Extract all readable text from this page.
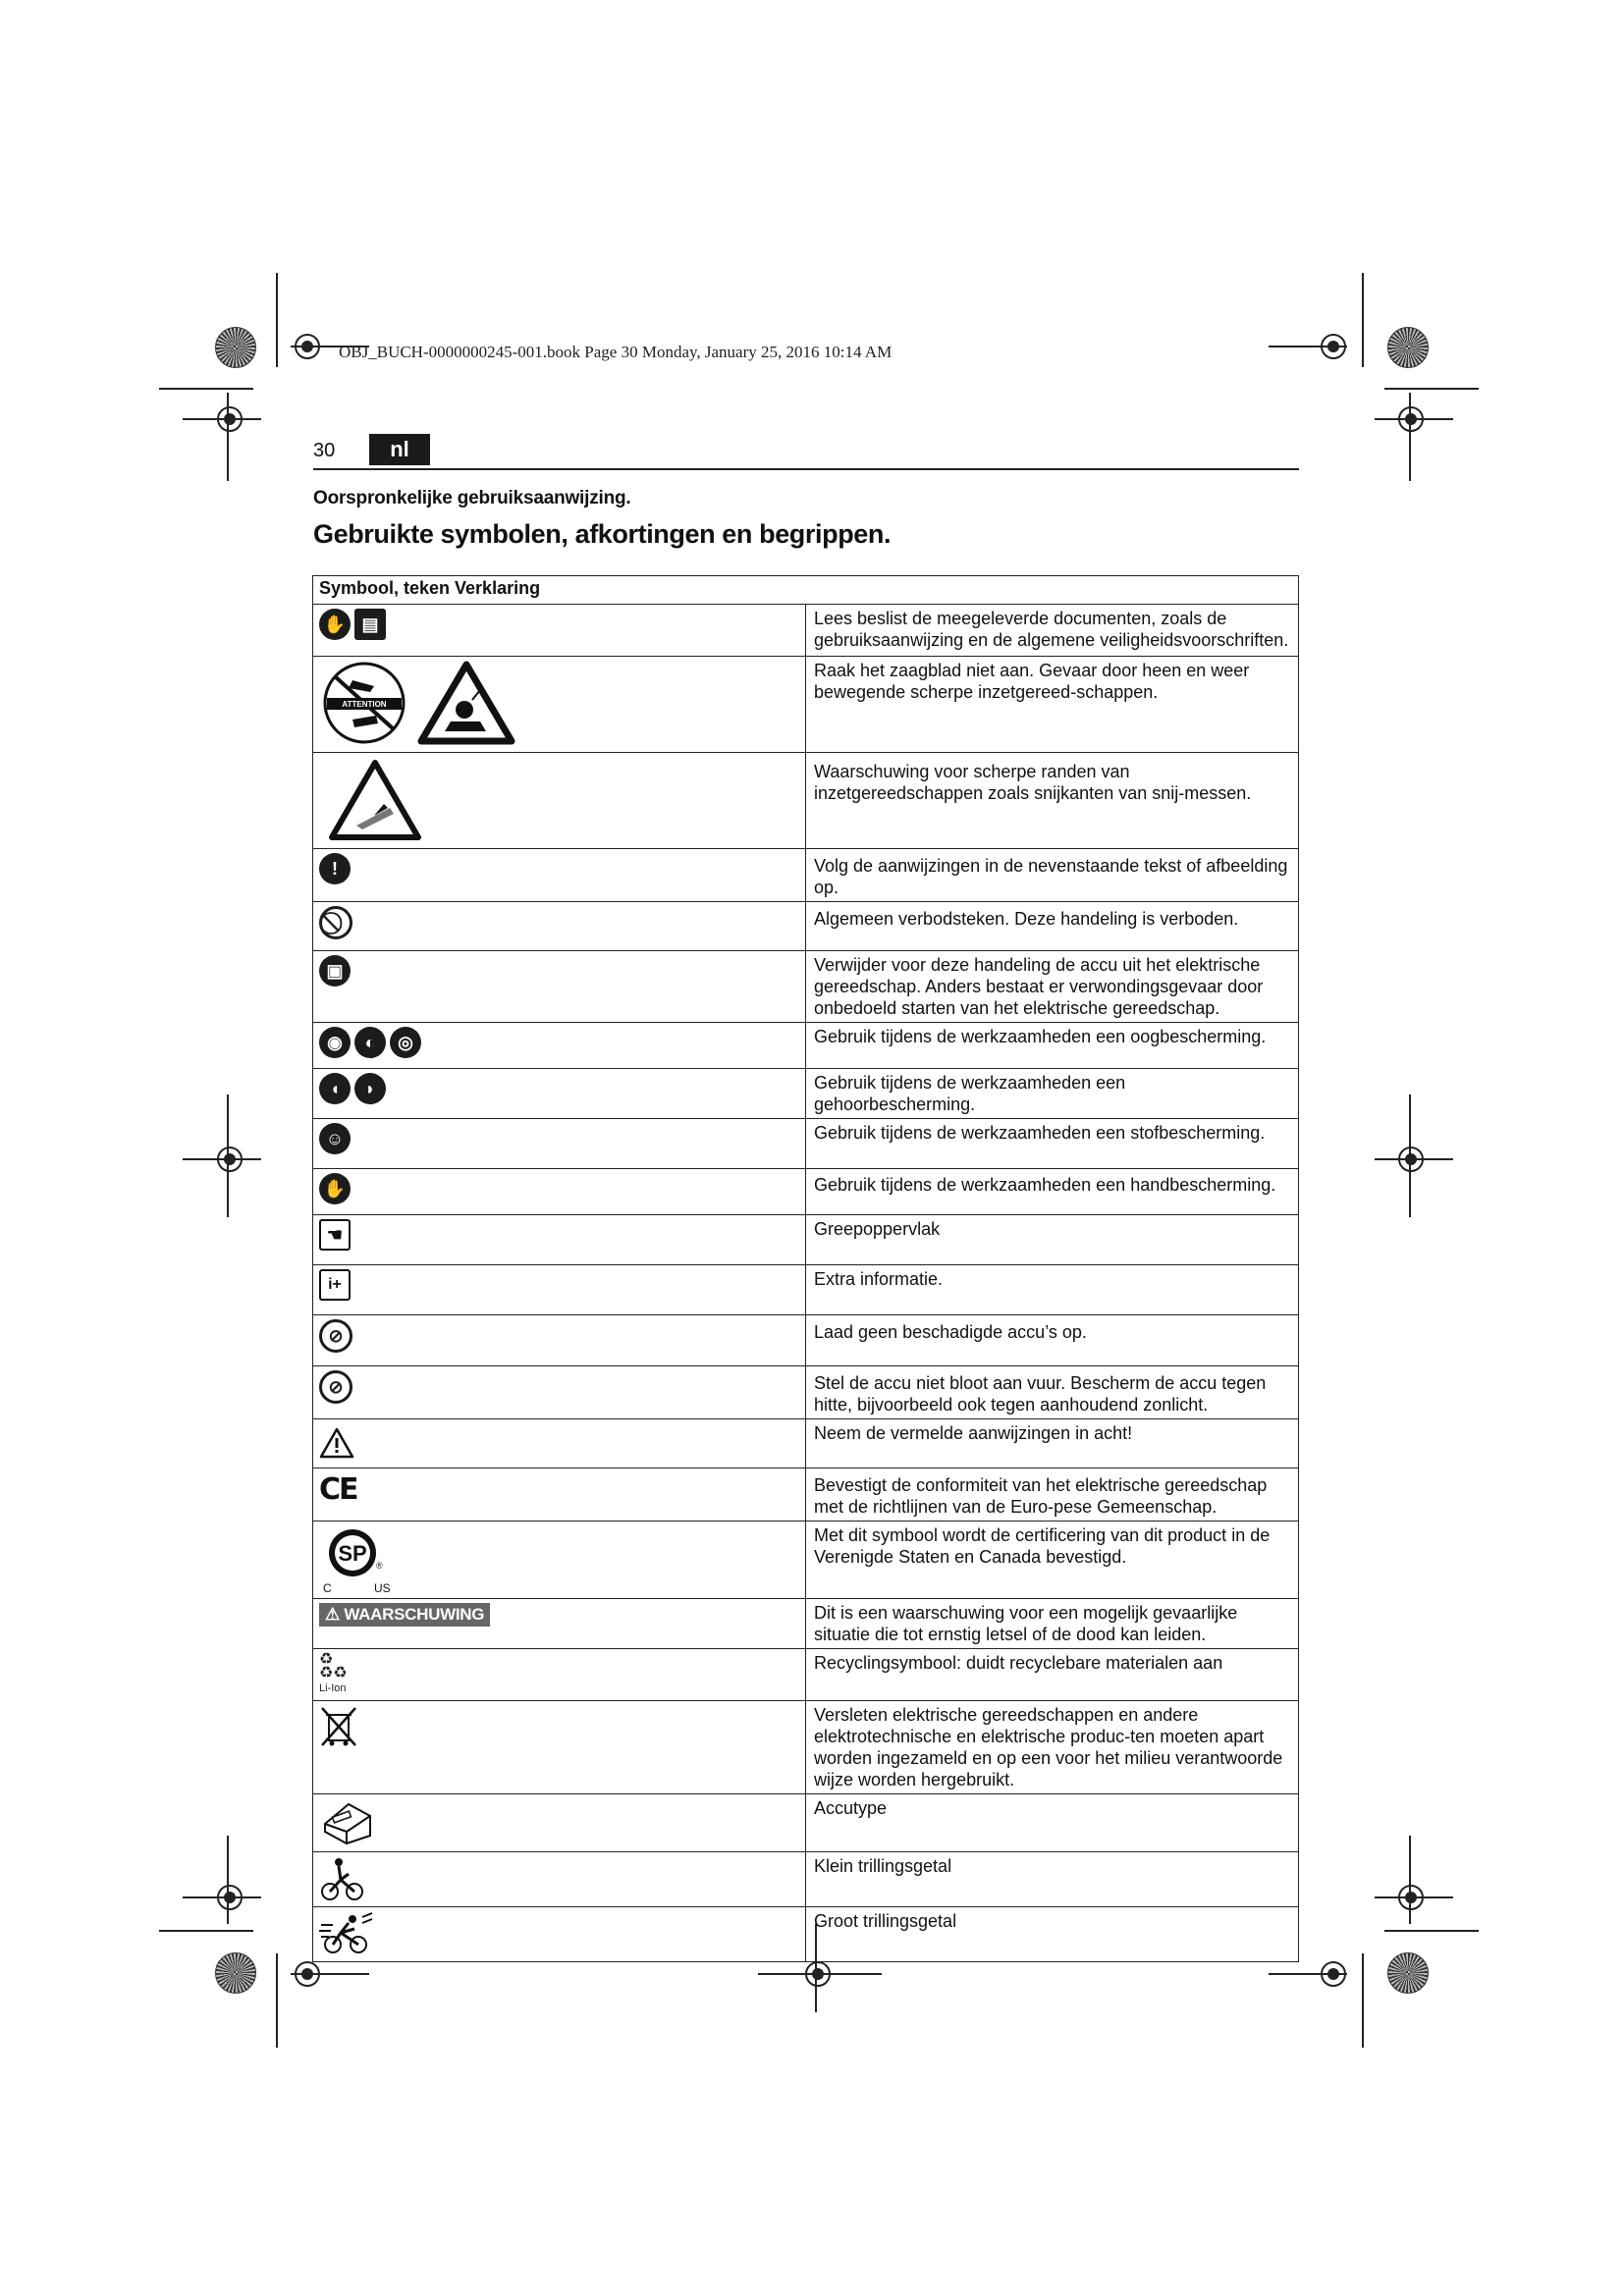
OBJ_BUCH-0000000245-001.book Page 30 Monday, January 25, 2016 10:14 AM
30	nl
Oorspronkelijke gebruiksaanwijzing.
Gebruikte symbolen, afkortingen en begrippen.
Symbool, teken Verklaring	
✋ ▤	Lees beslist de meegeleverde documenten, zoals de gebruiksaanwijzing en de algemene veiligheidsvoorschriften.

ATTENTION	Raak het zaagblad niet aan. Gevaar door heen en weer bewegende scherpe inzetgereed-schappen.
	Waarschuwing voor scherpe randen van inzetgereedschappen zoals snijkanten van snij-messen.
!	Volg de aanwijzingen in de nevenstaande tekst of afbeelding op.
	Algemeen verbodsteken. Deze handeling is verboden.
▣	Verwijder voor deze handeling de accu uit het elektrische gereedschap. Anders bestaat er verwondingsgevaar door onbedoeld starten van het elektrische gereedschap.
◉ ◐ ◎	Gebruik tijdens de werkzaamheden een oogbescherming.
◖ ◗	Gebruik tijdens de werkzaamheden een gehoorbescherming.
☺	Gebruik tijdens de werkzaamheden een stofbescherming.
✋	Gebruik tijdens de werkzaamheden een handbescherming.
☚	Greepoppervlak
i+	Extra informatie.
⊘	Laad geen beschadigde accu’s op.
⊘	Stel de accu niet bloot aan vuur. Bescherm de accu tegen hitte, bijvoorbeeld ook tegen aanhoudend zonlicht.
	Neem de vermelde aanwijzingen in acht!
CE	Bevestigt de conformiteit van het elektrische gereedschap met de richtlijnen van de Euro-pese Gemeenschap.

SP ®
C US	Met dit symbool wordt de certificering van dit product in de Verenigde Staten en Canada bevestigd.
⚠ WAARSCHUWING	Dit is een waarschuwing voor een mogelijk gevaarlijke situatie die tot ernstig letsel of de dood kan leiden.

♻
♻♻
Li-Ion	Recyclingsymbool: duidt recyclebare materialen aan
	Versleten elektrische gereedschappen en andere elektrotechnische en elektrische produc-ten moeten apart worden ingezameld en op een voor het milieu verantwoorde wijze worden hergebruikt.
	Accutype
	Klein trillingsgetal
	Groot trillingsgetal
